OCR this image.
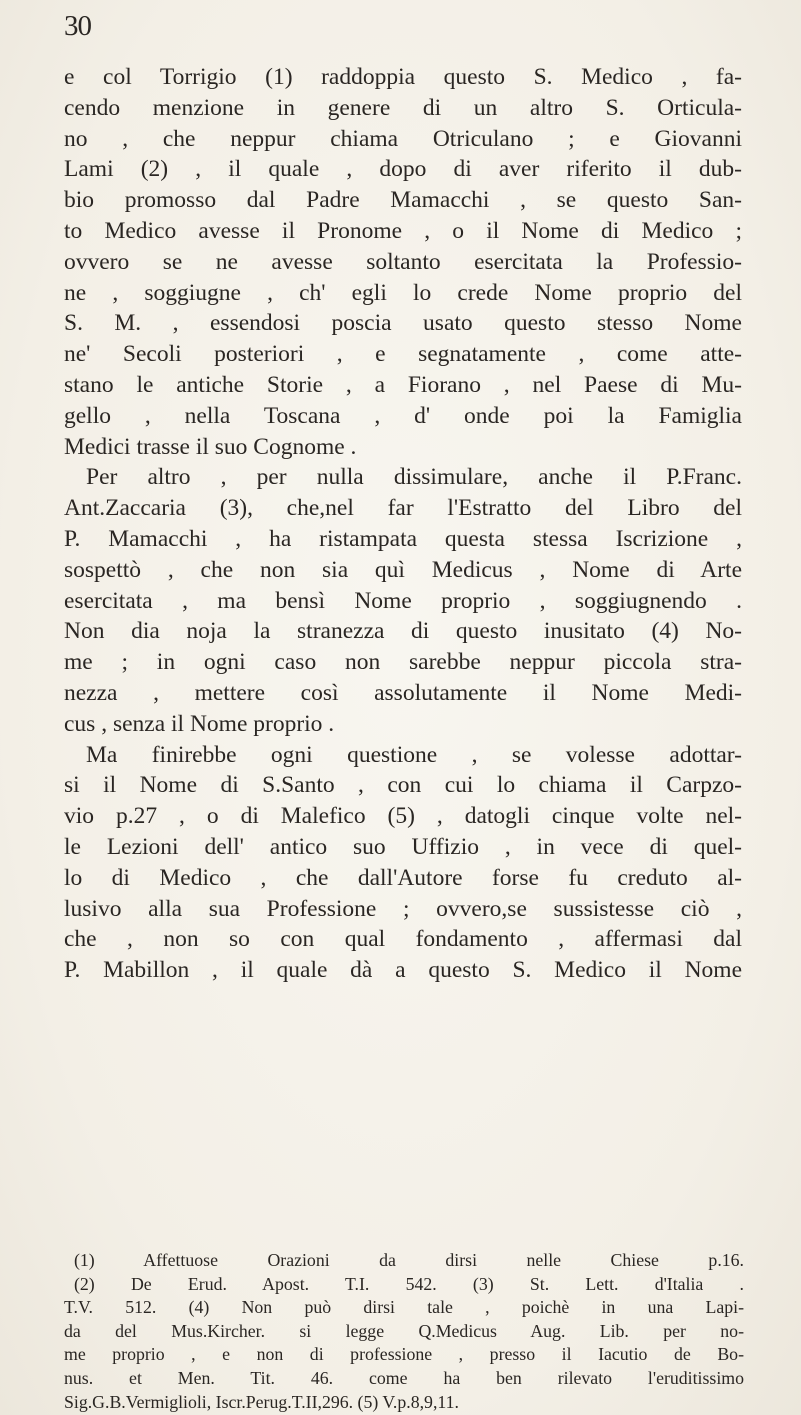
30
e col Torrigio (1) raddoppia questo S. Medico , fa-
cendo menzione in genere di un altro S. Orticula-
no , che neppur chiama Otriculano ; e Giovanni
Lami (2) , il quale , dopo di aver riferito il dub-
bio promosso dal Padre Mamacchi , se questo San-
to Medico avesse il Pronome , o il Nome di Medico ;
ovvero se ne avesse soltanto esercitata la Professio-
ne , soggiugne , ch' egli lo crede Nome proprio del
S. M. , essendosi poscia usato questo stesso Nome
ne' Secoli posteriori , e segnatamente , come atte-
stano le antiche Storie , a Fiorano , nel Paese di Mu-
gello , nella Toscana , d' onde poi la Famiglia
Medici trasse il suo Cognome .
Per altro , per nulla dissimulare, anche il P.Franc.
Ant.Zaccaria (3), che,nel far l'Estratto del Libro del
P. Mamacchi , ha ristampata questa stessa Iscrizione ,
sospettò , che non sia quì Medicus , Nome di Arte
esercitata , ma bensì Nome proprio , soggiugnendo .
Non dia noja la stranezza di questo inusitato (4) No-
me ; in ogni caso non sarebbe neppur piccola stra-
nezza , mettere così assolutamente il Nome Medi-
cus , senza il Nome proprio .
Ma finirebbe ogni questione , se volesse adottar-
si il Nome di S.Santo , con cui lo chiama il Carpzo-
vio p.27 , o di Malefico (5) , datogli cinque volte nel-
le Lezioni dell' antico suo Uffizio , in vece di quel-
lo di Medico , che dall'Autore forse fu creduto al-
lusivo alla sua Professione ; ovvero,se sussistesse ciò ,
che , non so con qual fondamento , affermasi dal
P. Mabillon , il quale dà a questo S. Medico il Nome
(1) Affettuose Orazioni da dirsi nelle Chiese p.16.
(2) De Erud. Apost. T.I. 542. (3) St. Lett. d'Italia .
T.V. 512. (4) Non può dirsi tale , poichè in una Lapi-
da del Mus.Kircher. si legge Q.Medicus Aug. Lib. per no-
me proprio , e non di professione , presso il Iacutio de Bo-
nus. et Men. Tit. 46. come ha ben rilevato l'eruditissimo
Sig.G.B.Vermiglioli, Iscr.Perug.T.II,296. (5) V.p.8,9,11.
